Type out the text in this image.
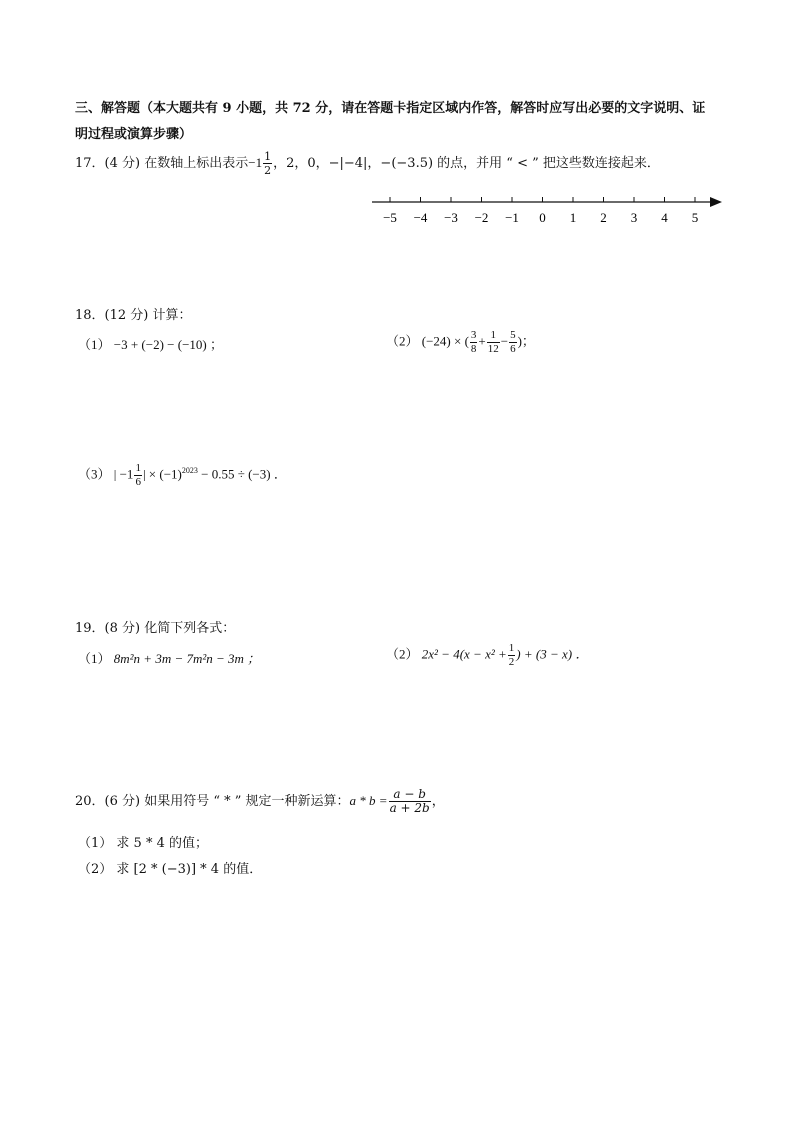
三、解答题（本大题共有 9 小题，共 72 分，请在答题卡指定区域内作答，解答时应写出必要的文字说明、证
明过程或演算步骤）
17．(4 分) 在数轴上标出表示$-1 \frac{1}{2}$ ，2，0，−|−4|，−(−3.5) 的点，并用 “ < ” 把这些数连接起来．
−5 −4 −3 −2 −1 0 1 2 3 4 5
18．(12 分) 计算：
（1） −3 + (−2) − (−10) ；	（2） (−24) × ( $\frac{3}{8} + \frac{1}{12} - \frac{5}{6}$ )；
（3） | $-1 \frac{1}{6}$ | × $(-1)^{2023} - 0.55 \div (-3)$ ．
19．(8 分) 化简下列各式：
（1） 8m²n + 3m − 7m²n − 3m ；	（2） $2x^2 - 4(x - x^2 + \frac{1}{2}$ ) + (3 − x) ．
20．(6 分) 如果用符号 “ * ” 规定一种新运算：$a * b = \frac{a - b}{a + 2b}$ ，
（1） 求 5 * 4 的值；
（2） 求 [2 * (−3)] * 4 的值．
